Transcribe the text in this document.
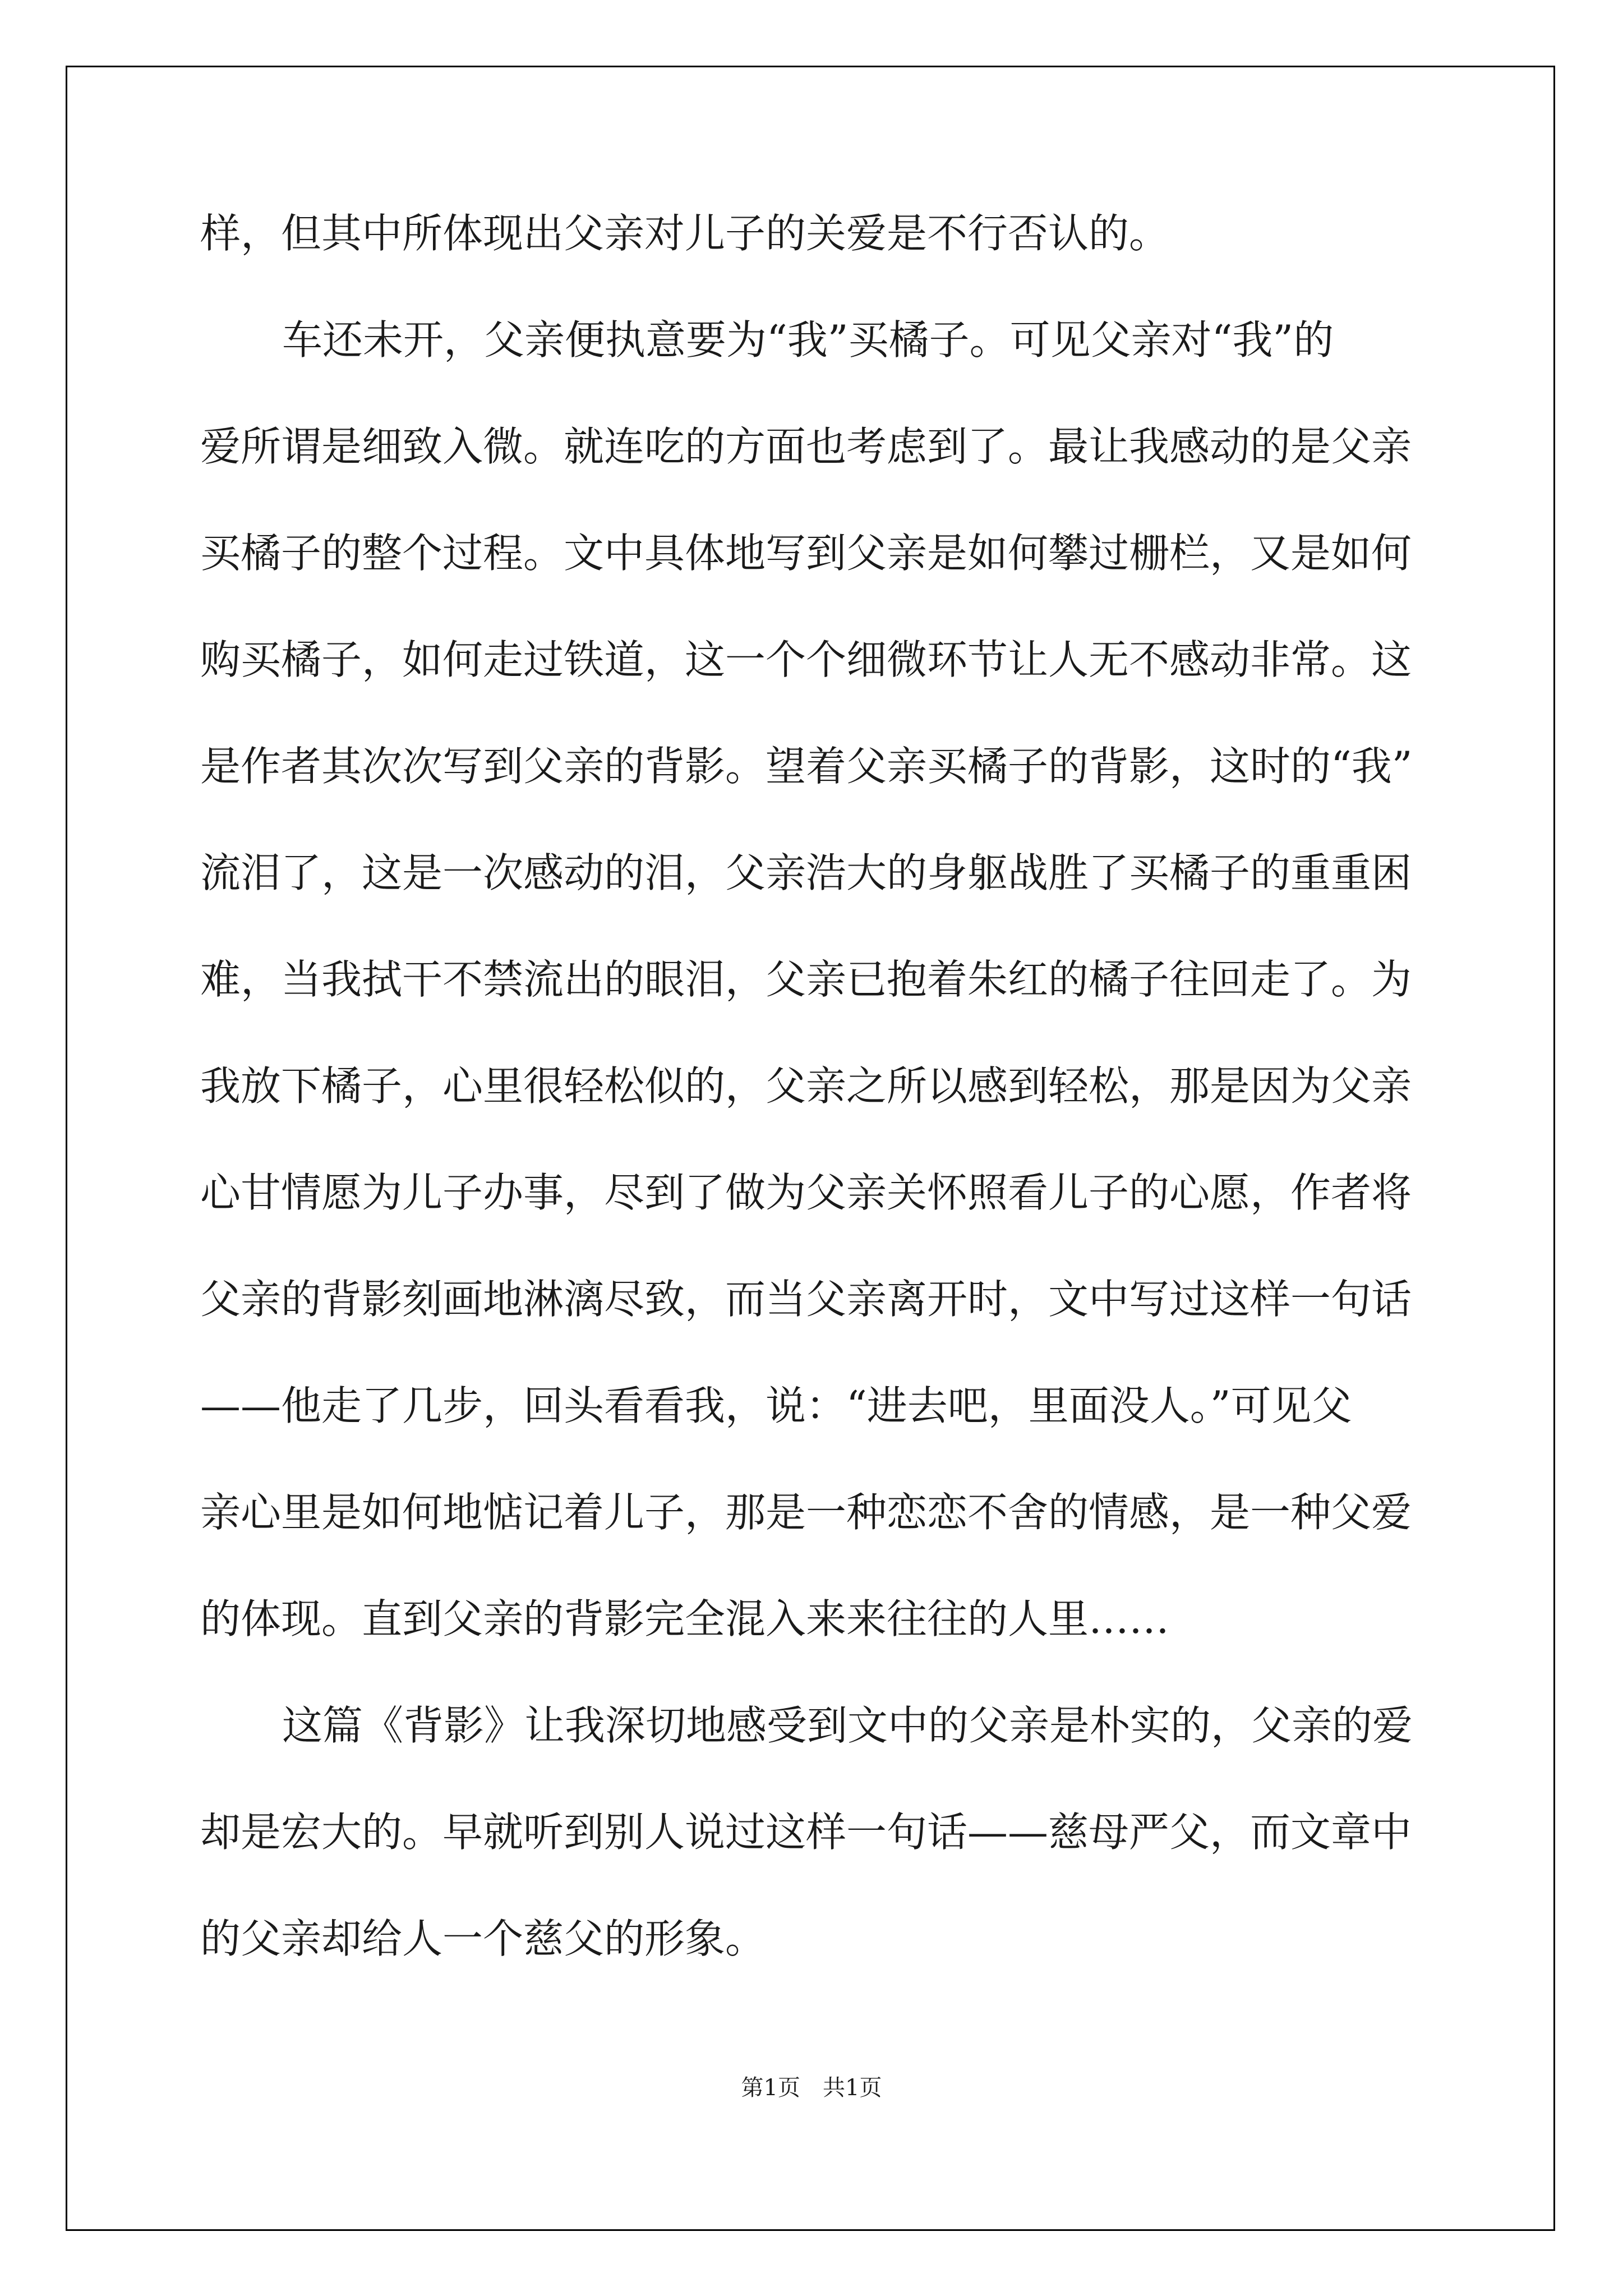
样，但其中所体现出父亲对儿子的关爱是不行否认的。
车还未开，父亲便执意要为“我”买橘子。可见父亲对“我”的
爱所谓是细致入微。就连吃的方面也考虑到了。最让我感动的是父亲
买橘子的整个过程。文中具体地写到父亲是如何攀过栅栏，又是如何
购买橘子，如何走过铁道，这一个个细微环节让人无不感动非常。这
是作者其次次写到父亲的背影。望着父亲买橘子的背影，这时的“我”
流泪了，这是一次感动的泪，父亲浩大的身躯战胜了买橘子的重重困
难，当我拭干不禁流出的眼泪，父亲已抱着朱红的橘子往回走了。为
我放下橘子，心里很轻松似的，父亲之所以感到轻松，那是因为父亲
心甘情愿为儿子办事，尽到了做为父亲关怀照看儿子的心愿，作者将
父亲的背影刻画地淋漓尽致，而当父亲离开时，文中写过这样一句话
——他走了几步，回头看看我，说：“进去吧，里面没人。”可见父
亲心里是如何地惦记着儿子，那是一种恋恋不舍的情感，是一种父爱
的体现。直到父亲的背影完全混入来来往往的人里……
这篇《背影》让我深切地感受到文中的父亲是朴实的，父亲的爱
却是宏大的。早就听到别人说过这样一句话——慈母严父，而文章中
的父亲却给人一个慈父的形象。
第1页　共1页
